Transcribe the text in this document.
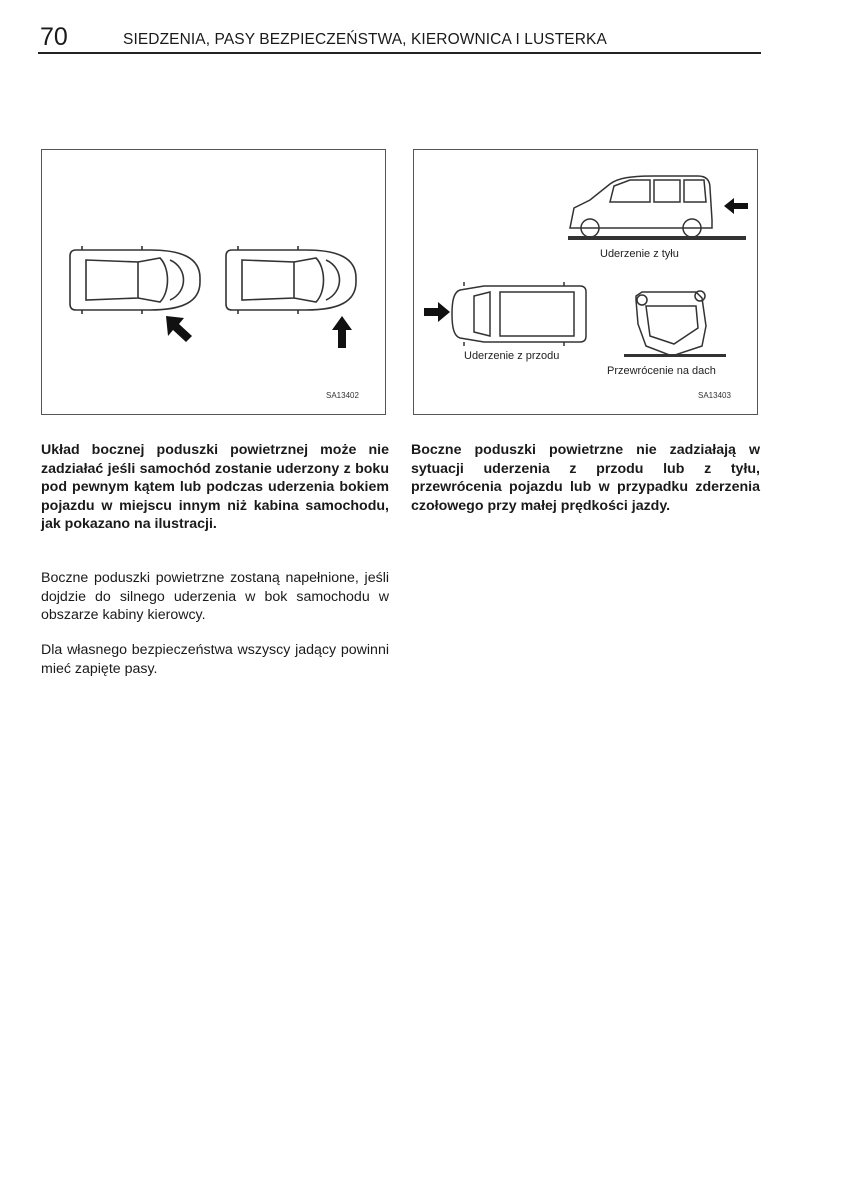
70	SIEDZENIA, PASY BEZPIECZEŃSTWA, KIEROWNICA I LUSTERKA
SA13402
Uderzenie z tyłu
Uderzenie z przodu
Przewrócenie na dach
SA13403

Układ bocznej poduszki powietrznej może nie zadziałać jeśli samochód zostanie uderzony z boku pod pewnym kątem lub podczas uderzenia bokiem pojazdu w miejscu innym niż kabina samochodu, jak pokazano na ilustracji.

Boczne poduszki powietrzne zostaną napełnione, jeśli dojdzie do silnego uderzenia w bok samochodu w obszarze kabiny kierowcy.

Dla własnego bezpieczeństwa wszyscy jadący powinni mieć zapięte pasy.

Boczne poduszki powietrzne nie zadziałają w sytuacji uderzenia z przodu lub z tyłu, przewrócenia pojazdu lub w przypadku zderzenia czołowego przy małej prędkości jazdy.
